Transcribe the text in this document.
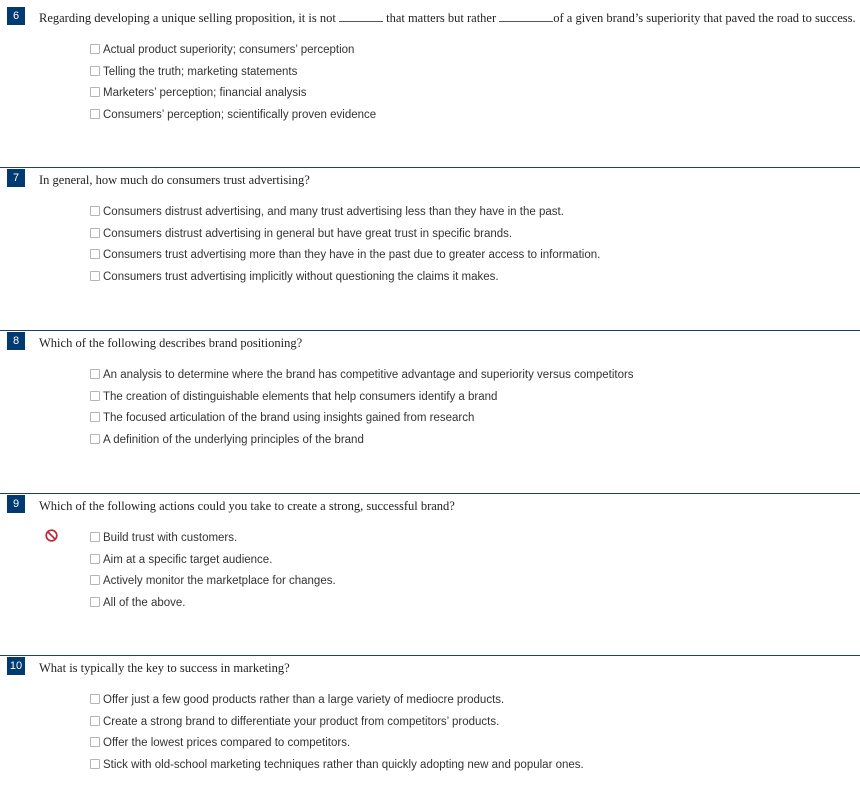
6	Regarding developing a unique selling proposition, it is not	that matters but rather	of a given brand’s superiority that paved the road to success.
Actual product superiority; consumers’ perception
Telling the truth; marketing statements
Marketers’ perception; financial analysis
Consumers’ perception; scientifically proven evidence
7	In general, how much do consumers trust advertising?
Consumers distrust advertising, and many trust advertising less than they have in the past.
Consumers distrust advertising in general but have great trust in specific brands.
Consumers trust advertising more than they have in the past due to greater access to information.
Consumers trust advertising implicitly without questioning the claims it makes.
8	Which of the following describes brand positioning?
An analysis to determine where the brand has competitive advantage and superiority versus competitors
The creation of distinguishable elements that help consumers identify a brand
The focused articulation of the brand using insights gained from research
A definition of the underlying principles of the brand
9	Which of the following actions could you take to create a strong, successful brand?
Build trust with customers.
Aim at a specific target audience.
Actively monitor the marketplace for changes.
All of the above.
10 What is typically the key to success in marketing?
Offer just a few good products rather than a large variety of mediocre products.
Create a strong brand to differentiate your product from competitors’ products.
Offer the lowest prices compared to competitors.
Stick with old-school marketing techniques rather than quickly adopting new and popular ones.
